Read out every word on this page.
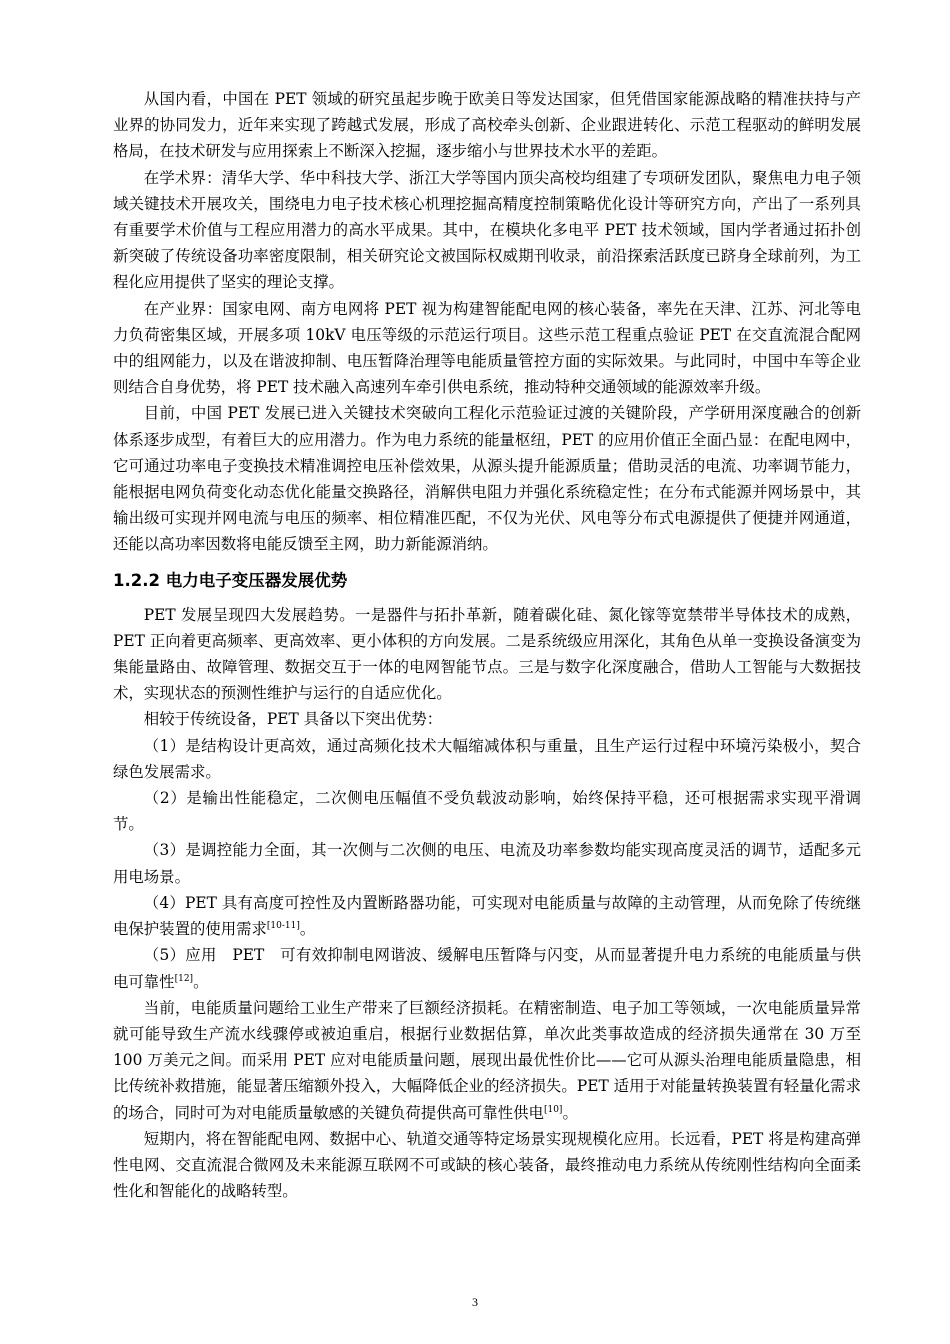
从国内看，中国在 PET 领域的研究虽起步晚于欧美日等发达国家，但凭借国家能源战略的精准扶持与产业界的协同发力，近年来实现了跨越式发展，形成了高校牵头创新、企业跟进转化、示范工程驱动的鲜明发展格局，在技术研发与应用探索上不断深入挖掘，逐步缩小与世界技术水平的差距。

在学术界：清华大学、华中科技大学、浙江大学等国内顶尖高校均组建了专项研发团队，聚焦电力电子领域关键技术开展攻关，围绕电力电子技术核心机理挖掘高精度控制策略优化设计等研究方向，产出了一系列具有重要学术价值与工程应用潜力的高水平成果。其中，在模块化多电平 PET 技术领域，国内学者通过拓扑创新突破了传统设备功率密度限制，相关研究论文被国际权威期刊收录，前沿探索活跃度已跻身全球前列，为工程化应用提供了坚实的理论支撑。

在产业界：国家电网、南方电网将 PET 视为构建智能配电网的核心装备，率先在天津、江苏、河北等电力负荷密集区域，开展多项 10kV 电压等级的示范运行项目。这些示范工程重点验证 PET 在交直流混合配网中的组网能力，以及在谐波抑制、电压暂降治理等电能质量管控方面的实际效果。与此同时，中国中车等企业则结合自身优势，将 PET 技术融入高速列车牵引供电系统，推动特种交通领域的能源效率升级。

目前，中国 PET 发展已进入关键技术突破向工程化示范验证过渡的关键阶段，产学研用深度融合的创新体系逐步成型，有着巨大的应用潜力。作为电力系统的能量枢纽，PET 的应用价值正全面凸显：在配电网中，它可通过功率电子变换技术精准调控电压补偿效果，从源头提升能源质量；借助灵活的电流、功率调节能力，能根据电网负荷变化动态优化能量交换路径，消解供电阻力并强化系统稳定性；在分布式能源并网场景中，其输出级可实现并网电流与电压的频率、相位精准匹配，不仅为光伏、风电等分布式电源提供了便捷并网通道，还能以高功率因数将电能反馈至主网，助力新能源消纳。

1.2.2 电力电子变压器发展优势

PET 发展呈现四大发展趋势。一是器件与拓扑革新，随着碳化硅、氮化镓等宽禁带半导体技术的成熟，PET 正向着更高频率、更高效率、更小体积的方向发展。二是系统级应用深化，其角色从单一变换设备演变为集能量路由、故障管理、数据交互于一体的电网智能节点。三是与数字化深度融合，借助人工智能与大数据技术，实现状态的预测性维护与运行的自适应优化。

相较于传统设备，PET 具备以下突出优势：

（1）是结构设计更高效，通过高频化技术大幅缩减体积与重量，且生产运行过程中环境污染极小，契合绿色发展需求。

（2）是输出性能稳定，二次侧电压幅值不受负载波动影响，始终保持平稳，还可根据需求实现平滑调节。

（3）是调控能力全面，其一次侧与二次侧的电压、电流及功率参数均能实现高度灵活的调节，适配多元用电场景。

（4）PET 具有高度可控性及内置断路器功能，可实现对电能质量与故障的主动管理，从而免除了传统继电保护装置的使用需求[10-11]。

（5）应用　PET　可有效抑制电网谐波、缓解电压暂降与闪变，从而显著提升电力系统的电能质量与供电可靠性[12]。

当前，电能质量问题给工业生产带来了巨额经济损耗。在精密制造、电子加工等领域，一次电能质量异常就可能导致生产流水线骤停或被迫重启，根据行业数据估算，单次此类事故造成的经济损失通常在 30 万至 100 万美元之间。而采用 PET 应对电能质量问题，展现出最优性价比——它可从源头治理电能质量隐患，相比传统补救措施，能显著压缩额外投入，大幅降低企业的经济损失。PET 适用于对能量转换装置有轻量化需求的场合，同时可为对电能质量敏感的关键负荷提供高可靠性供电[10]。

短期内，将在智能配电网、数据中心、轨道交通等特定场景实现规模化应用。长远看，PET 将是构建高弹性电网、交直流混合微网及未来能源互联网不可或缺的核心装备，最终推动电力系统从传统刚性结构向全面柔性化和智能化的战略转型。

3
